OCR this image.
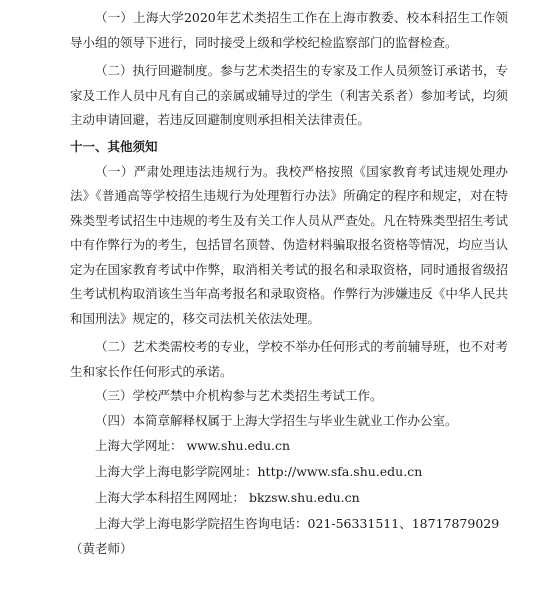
（一）上海大学2020年艺术类招生工作在上海市教委、校本科招生工作领导小组的领导下进行，同时接受上级和学校纪检监察部门的监督检查。

（二）执行回避制度。参与艺术类招生的专家及工作人员须签订承诺书，专家及工作人员中凡有自己的亲属或辅导过的学生（利害关系者）参加考试，均须主动申请回避，若违反回避制度则承担相关法律责任。

十一、其他须知

（一）严肃处理违法违规行为。我校严格按照《国家教育考试违规处理办法》《普通高等学校招生违规行为处理暂行办法》所确定的程序和规定，对在特殊类型考试招生中违规的考生及有关工作人员从严查处。凡在特殊类型招生考试中有作弊行为的考生，包括冒名顶替、伪造材料骗取报名资格等情况，均应当认定为在国家教育考试中作弊，取消相关考试的报名和录取资格，同时通报省级招生考试机构取消该生当年高考报名和录取资格。作弊行为涉嫌违反《中华人民共和国刑法》规定的，移交司法机关依法处理。

（二）艺术类需校考的专业，学校不举办任何形式的考前辅导班，也不对考生和家长作任何形式的承诺。

（三）学校严禁中介机构参与艺术类招生考试工作。

（四）本简章解释权属于上海大学招生与毕业生就业工作办公室。

上海大学网址： www.shu.edu.cn
上海大学上海电影学院网址：http://www.sfa.shu.edu.cn
上海大学本科招生网网址： bkzsw.shu.edu.cn
上海大学上海电影学院招生咨询电话：021-56331511、18717879029
（黄老师）
